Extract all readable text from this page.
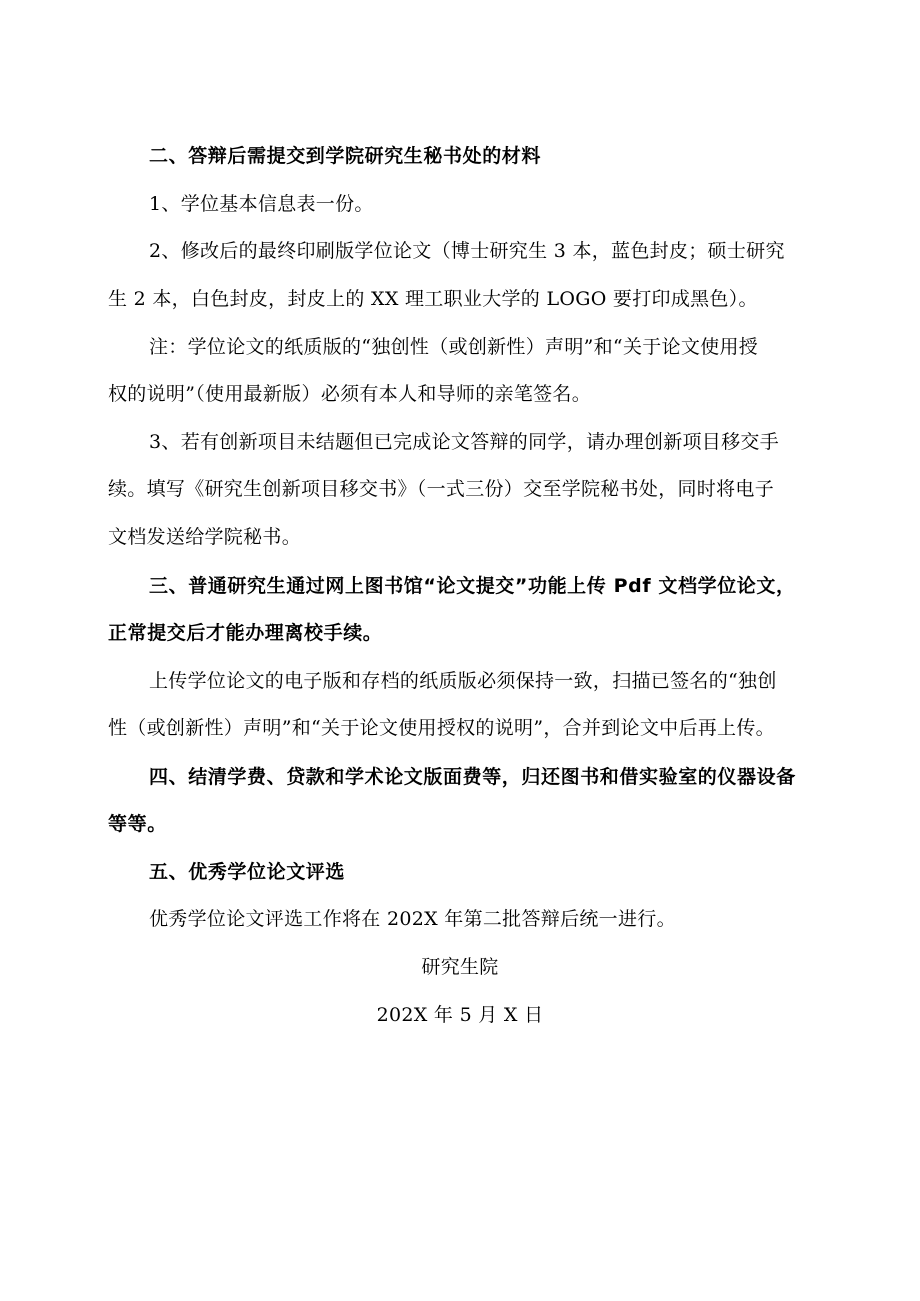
二、答辩后需提交到学院研究生秘书处的材料
1、学位基本信息表一份。
2、修改后的最终印刷版学位论文（博士研究生 3 本，蓝色封皮；硕士研究
生 2 本，白色封皮，封皮上的 XX 理工职业大学的 LOGO 要打印成黑色）。
注：学位论文的纸质版的“独创性（或创新性）声明”和“关于论文使用授
权的说明”（使用最新版）必须有本人和导师的亲笔签名。
3、若有创新项目未结题但已完成论文答辩的同学，请办理创新项目移交手
续。填写《研究生创新项目移交书》（一式三份）交至学院秘书处，同时将电子
文档发送给学院秘书。
三、普通研究生通过网上图书馆“论文提交”功能上传 Pdf 文档学位论文，
正常提交后才能办理离校手续。
上传学位论文的电子版和存档的纸质版必须保持一致，扫描已签名的“独创
性（或创新性）声明”和“关于论文使用授权的说明”，合并到论文中后再上传。
四、结清学费、贷款和学术论文版面费等，归还图书和借实验室的仪器设备
等等。
五、优秀学位论文评选
优秀学位论文评选工作将在 202X 年第二批答辩后统一进行。
研究生院
202X 年 5 月 X 日
